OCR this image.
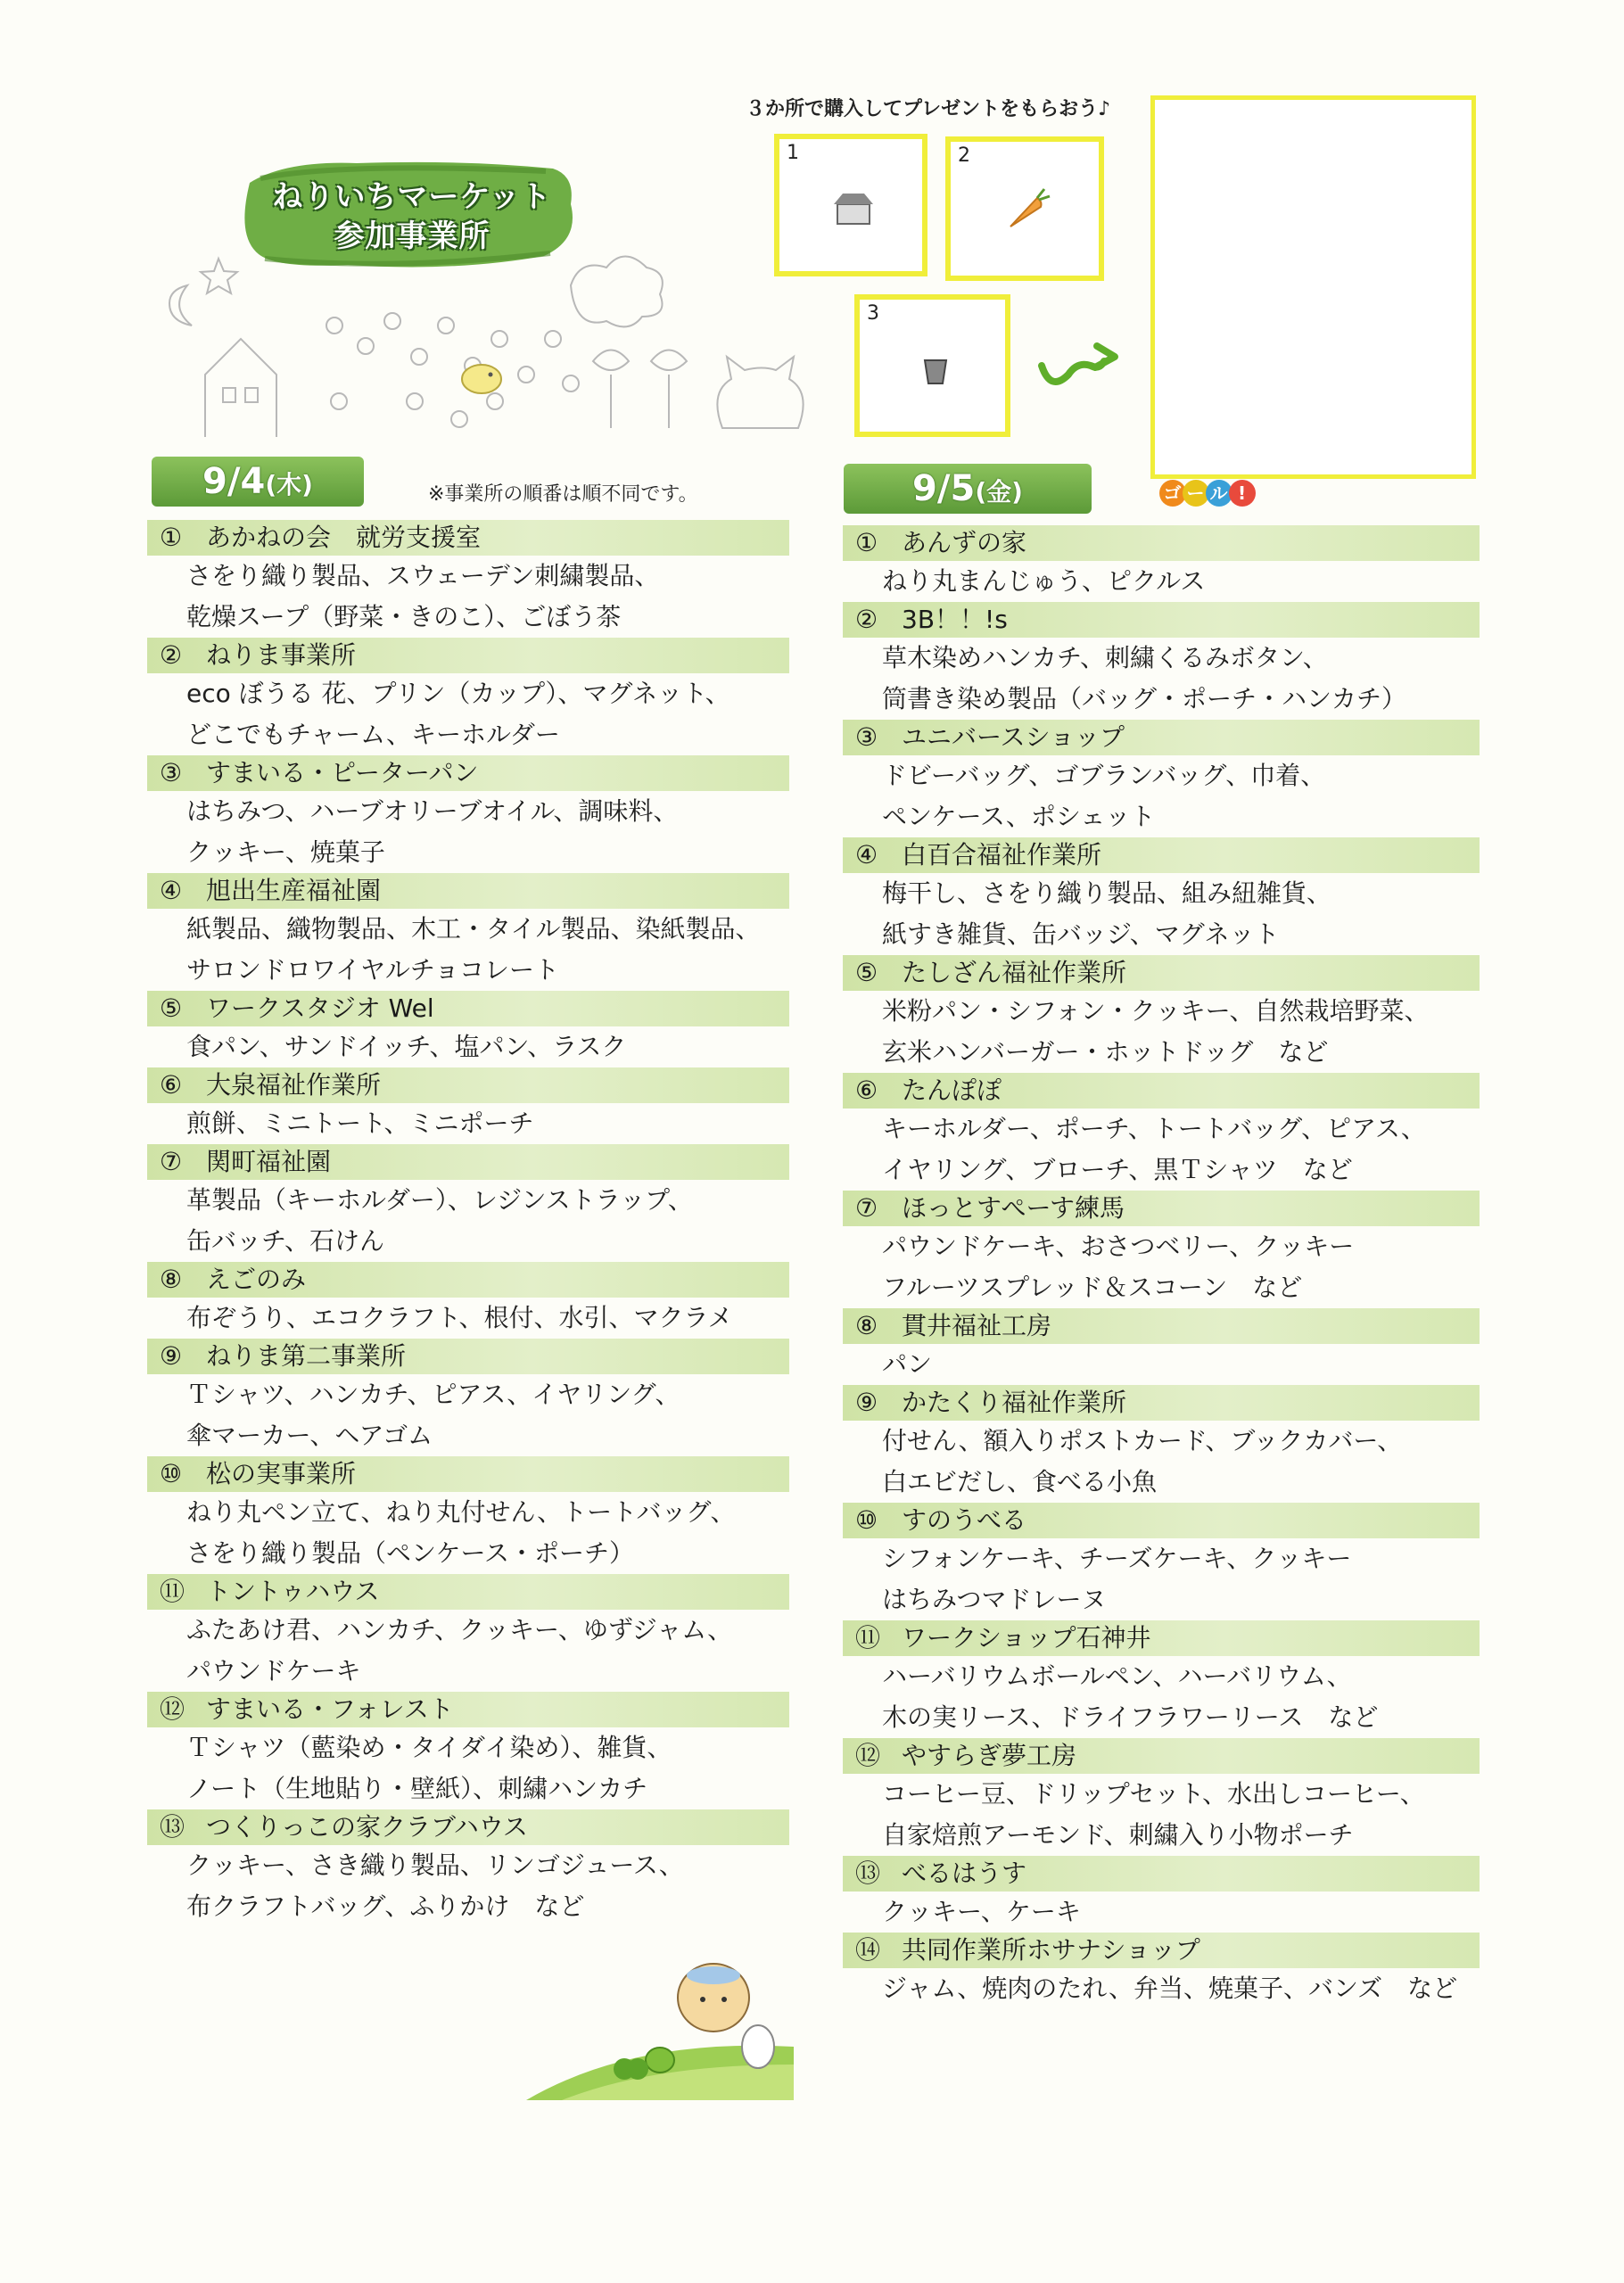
ねりいちマーケット
参加事業所
３か所で購入してプレゼントをもらおう♪
1	2
3
ゴ ー ル !
9/4(木)	※事業所の順番は順不同です。	9/5(金)
① あかねの会　就労支援室
さをり織り製品、スウェーデン刺繍製品、
乾燥スープ（野菜・きのこ）、ごぼう茶
② ねりま事業所
eco ぼうる 花、プリン（カップ）、マグネット、
どこでもチャーム、キーホルダー
③ すまいる・ピーターパン
はちみつ、ハーブオリーブオイル、調味料、
クッキー、焼菓子
④ 旭出生産福祉園
紙製品、織物製品、木工・タイル製品、染紙製品、
サロンドロワイヤルチョコレート
⑤ ワークスタジオ Wel
食パン、サンドイッチ、塩パン、ラスク
⑥ 大泉福祉作業所
煎餅、ミニトート、ミニポーチ
⑦ 関町福祉園
革製品（キーホルダー）、レジンストラップ、
缶バッチ、石けん
⑧ えごのみ
布ぞうり、エコクラフト、根付、水引、マクラメ
⑨ ねりま第二事業所
Ｔシャツ、ハンカチ、ピアス、イヤリング、
傘マーカー、ヘアゴム
⑩ 松の実事業所
ねり丸ペン立て、ねり丸付せん、トートバッグ、
さをり織り製品（ペンケース・ポーチ）
⑪ トントゥハウス
ふたあけ君、ハンカチ、クッキー、ゆずジャム、
パウンドケーキ
⑫ すまいる・フォレスト
Ｔシャツ（藍染め・タイダイ染め）、雑貨、
ノート（生地貼り・壁紙）、刺繍ハンカチ
⑬ つくりっこの家クラブハウス
クッキー、さき織り製品、リンゴジュース、
布クラフトバッグ、ふりかけ　など
① あんずの家
ねり丸まんじゅう、ピクルス
② 3B！！!s
草木染めハンカチ、刺繍くるみボタン、
筒書き染め製品（バッグ・ポーチ・ハンカチ）
③ ユニバースショップ
ドビーバッグ、ゴブランバッグ、巾着、
ペンケース、ポシェット
④ 白百合福祉作業所
梅干し、さをり織り製品、組み紐雑貨、
紙すき雑貨、缶バッジ、マグネット
⑤ たしざん福祉作業所
米粉パン・シフォン・クッキー、自然栽培野菜、
玄米ハンバーガー・ホットドッグ　など
⑥ たんぽぽ
キーホルダー、ポーチ、トートバッグ、ピアス、
イヤリング、ブローチ、黒Ｔシャツ　など
⑦ ほっとすぺーす練馬
パウンドケーキ、おさつベリー、クッキー
フルーツスプレッド＆スコーン　など
⑧ 貫井福祉工房
パン
⑨ かたくり福祉作業所
付せん、額入りポストカード、ブックカバー、
白エビだし、食べる小魚
⑩ すのうべる
シフォンケーキ、チーズケーキ、クッキー
はちみつマドレーヌ
⑪ ワークショップ石神井
ハーバリウムボールペン、ハーバリウム、
木の実リース、ドライフラワーリース　など
⑫ やすらぎ夢工房
コーヒー豆、ドリップセット、水出しコーヒー、
自家焙煎アーモンド、刺繍入り小物ポーチ
⑬ べるはうす
クッキー、ケーキ
⑭ 共同作業所ホサナショップ
ジャム、焼肉のたれ、弁当、焼菓子、バンズ　など
